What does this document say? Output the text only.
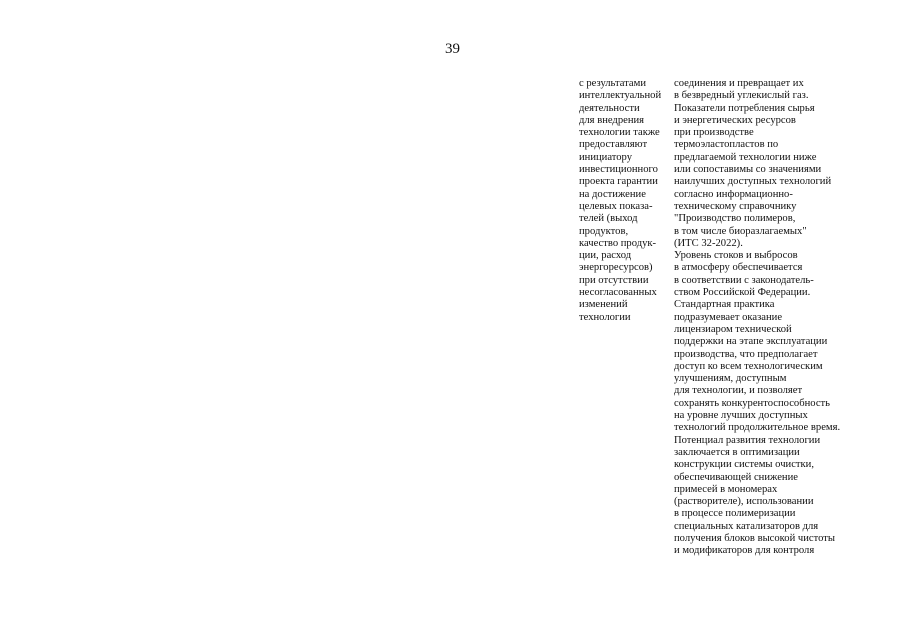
39
с результатами
интеллектуальной
деятельности
для внедрения
технологии также
предоставляют
инициатору
инвестиционного
проекта гарантии
на достижение
целевых показа-
телей (выход
продуктов,
качество продук-
ции, расход
энергоресурсов)
при отсутствии
несогласованных
изменений
технологии
соединения и превращает их
в безвредный углекислый газ.
Показатели потребления сырья
и энергетических ресурсов
при производстве
термоэластопластов по
предлагаемой технологии ниже
или сопоставимы со значениями
наилучших доступных технологий
согласно информационно-
техническому справочнику
"Производство полимеров,
в том числе биоразлагаемых"
(ИТС 32-2022).
Уровень стоков и выбросов
в атмосферу обеспечивается
в соответствии с законодатель-
ством Российской Федерации.
Стандартная практика
подразумевает оказание
лицензиаром технической
поддержки на этапе эксплуатации
производства, что предполагает
доступ ко всем технологическим
улучшениям, доступным
для технологии, и позволяет
сохранять конкурентоспособность
на уровне лучших доступных
технологий продолжительное время.
Потенциал развития технологии
заключается в оптимизации
конструкции системы очистки,
обеспечивающей снижение
примесей в мономерах
(растворителе), использовании
в процессе полимеризации
специальных катализаторов для
получения блоков высокой чистоты
и модификаторов для контроля
